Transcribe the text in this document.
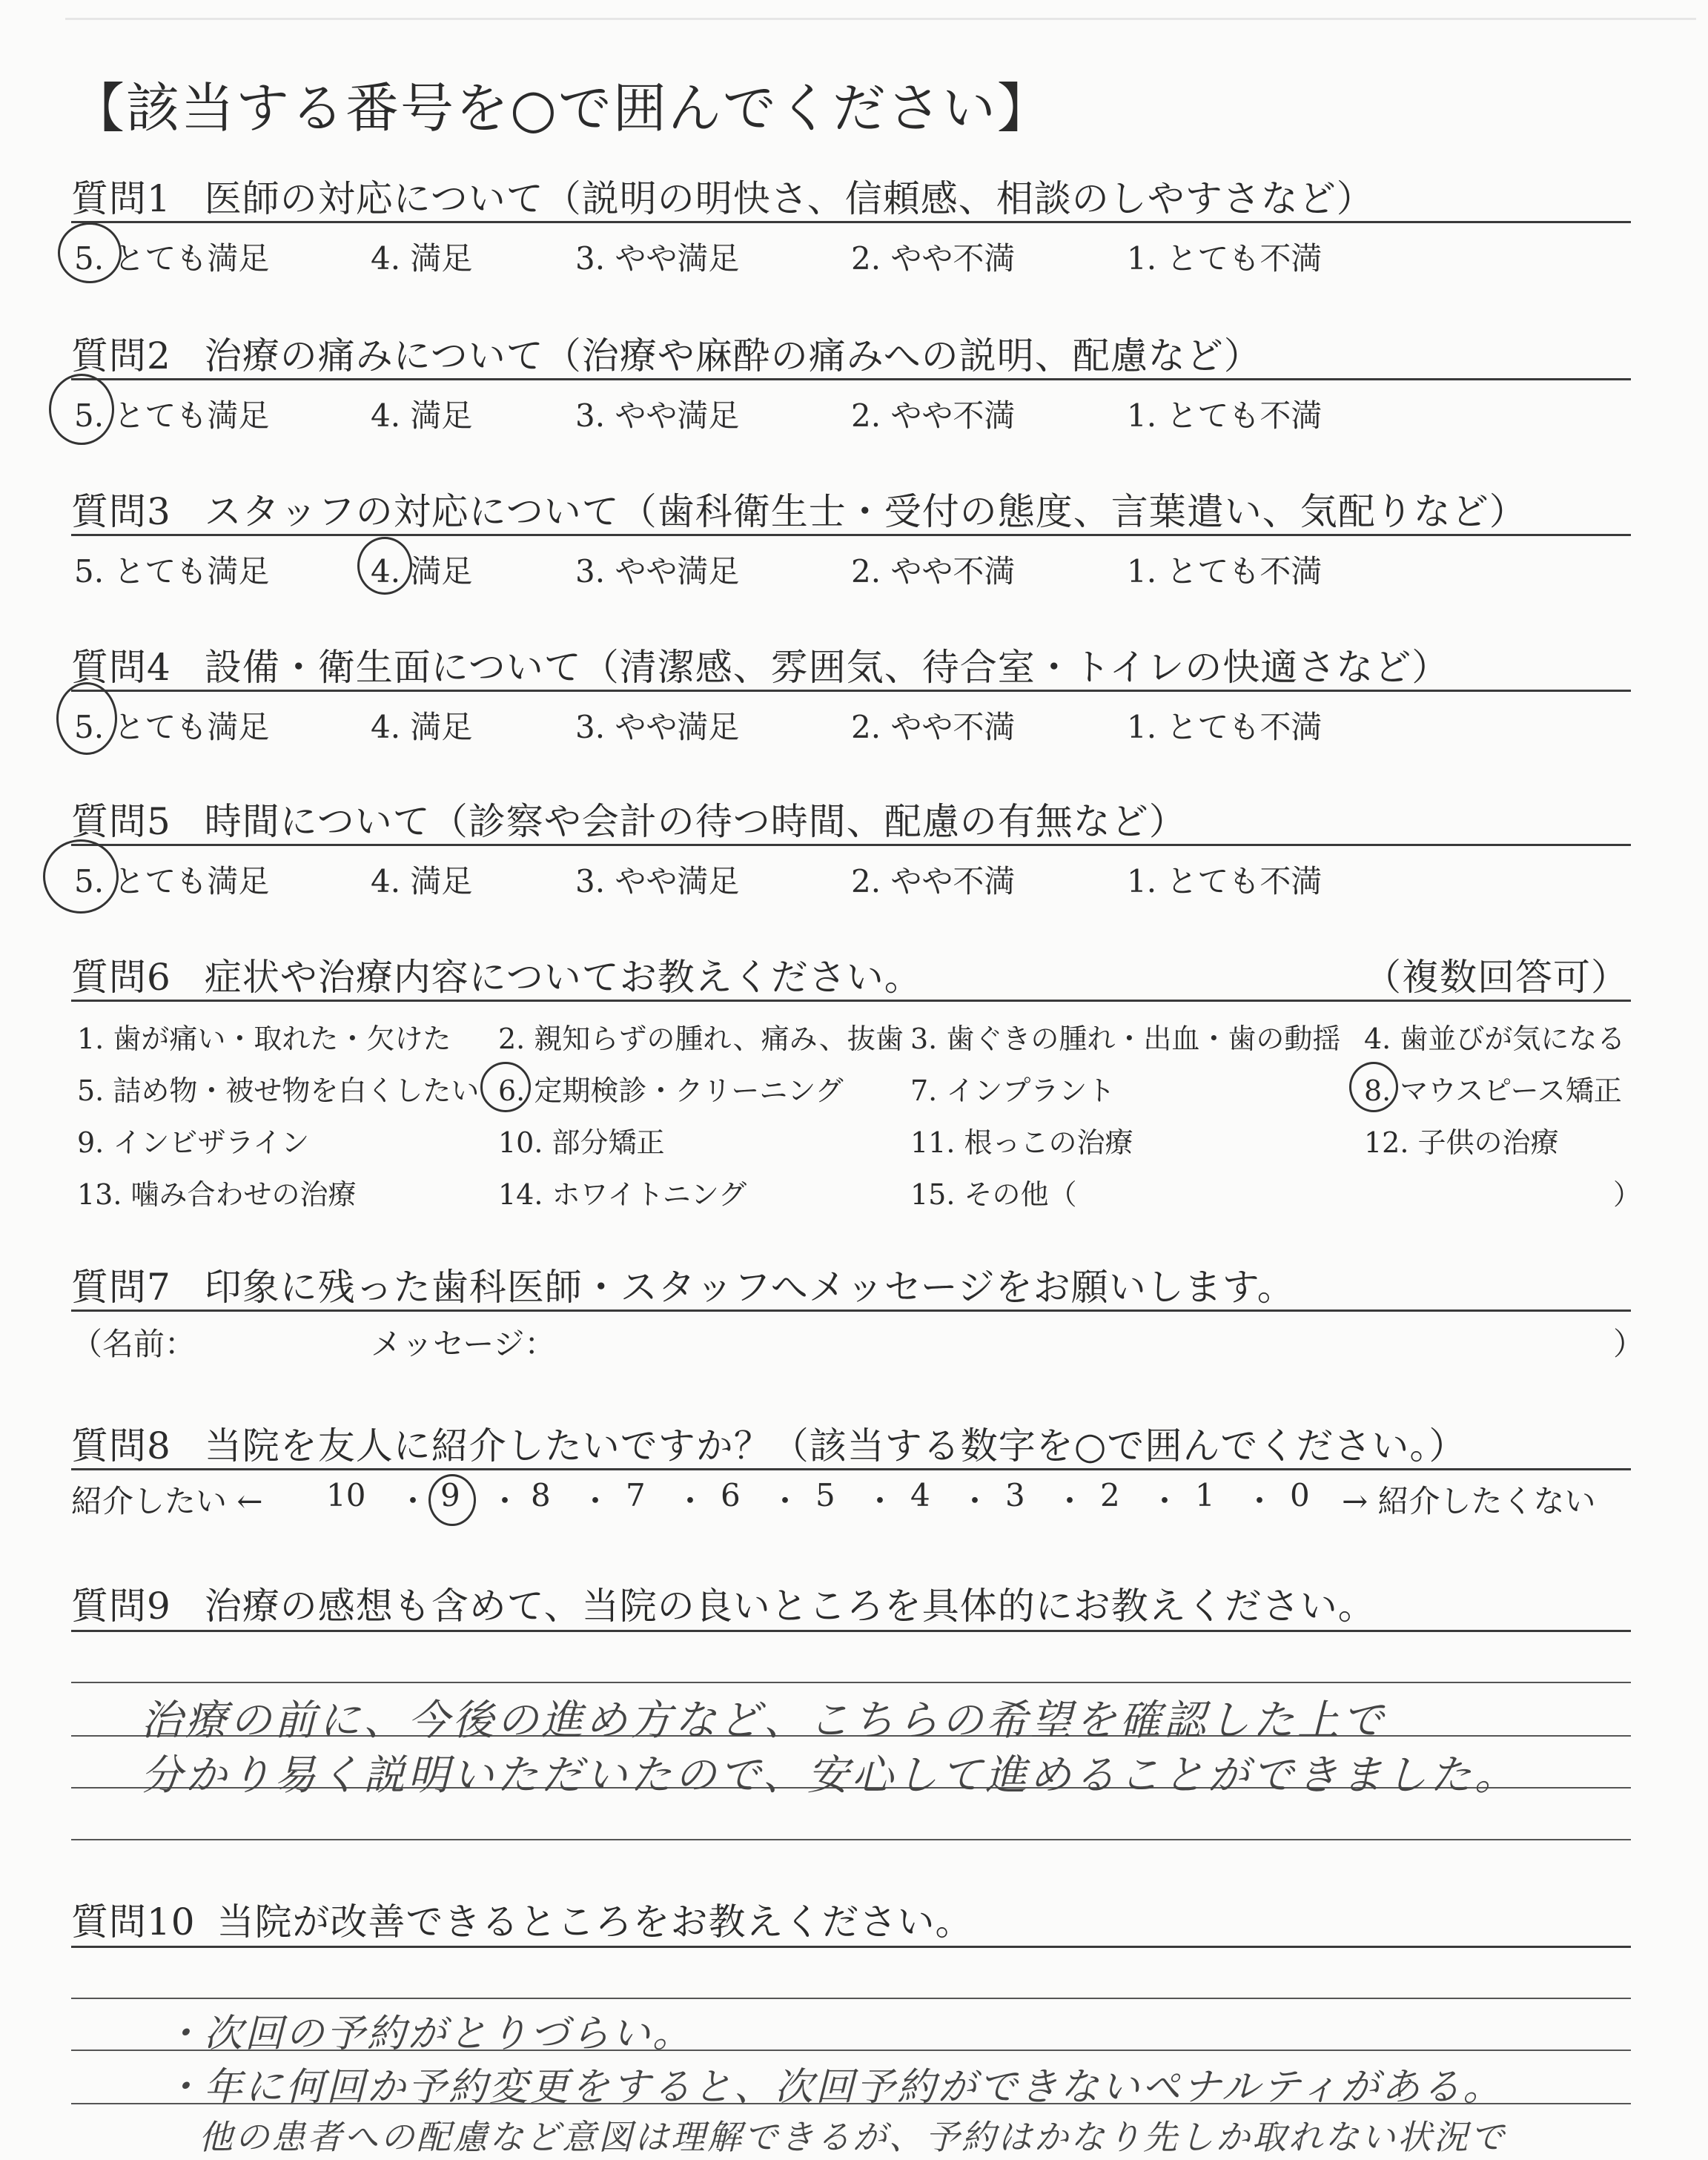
【該当する番号を○で囲んでください】
質問1 医師の対応について（説明の明快さ、信頼感、相談のしやすさなど）
5. とても満足	4. 満足	3. やや満足	2. やや不満	1. とても不満
質問2 治療の痛みについて（治療や麻酔の痛みへの説明、配慮など）
5. とても満足	4. 満足	3. やや満足	2. やや不満	1. とても不満
質問3 スタッフの対応について（歯科衛生士・受付の態度、言葉遣い、気配りなど）
5. とても満足	4. 満足	3. やや満足	2. やや不満	1. とても不満
質問4 設備・衛生面について（清潔感、雰囲気、待合室・トイレの快適さなど）
5. とても満足	4. 満足	3. やや満足	2. やや不満	1. とても不満
質問5 時間について（診察や会計の待つ時間、配慮の有無など）
5. とても満足	4. 満足	3. やや満足	2. やや不満	1. とても不満
質問6 症状や治療内容についてお教えください。	（複数回答可）
1. 歯が痛い・取れた・欠けた 2. 親知らずの腫れ、痛み、抜歯 3. 歯ぐきの腫れ・出血・歯の動揺 4. 歯並びが気になる
5. 詰め物・被せ物を白くしたい 6. 定期検診・クリーニング 7. インプラント	8. マウスピース矯正
9. インビザライン	10. 部分矯正	11. 根っこの治療	12. 子供の治療
13. 噛み合わせの治療	14. ホワイトニング	15. その他（	）
質問7 印象に残った歯科医師・スタッフへメッセージをお願いします。
（名前：	メッセージ：	）
質問8 当院を友人に紹介したいですか？（該当する数字を○で囲んでください。）
紹介したい ← 10 ・ 9 ・ 8 ・ 7 ・ 6 ・ 5 ・ 4 ・ 3 ・ 2 ・ 1 ・ 0 → 紹介したくない
質問9 治療の感想も含めて、当院の良いところを具体的にお教えください。
治療の前に、今後の進め方など、こちらの希望を確認した上で
分かり易く説明いただいたので、安心して進めることができました。
質問10 当院が改善できるところをお教えください。
・次回の予約がとりづらい。
・年に何回か予約変更をすると、次回予約ができないペナルティがある。
他の患者への配慮など意図は理解できるが、予約はかなり先しか取れない状況で
